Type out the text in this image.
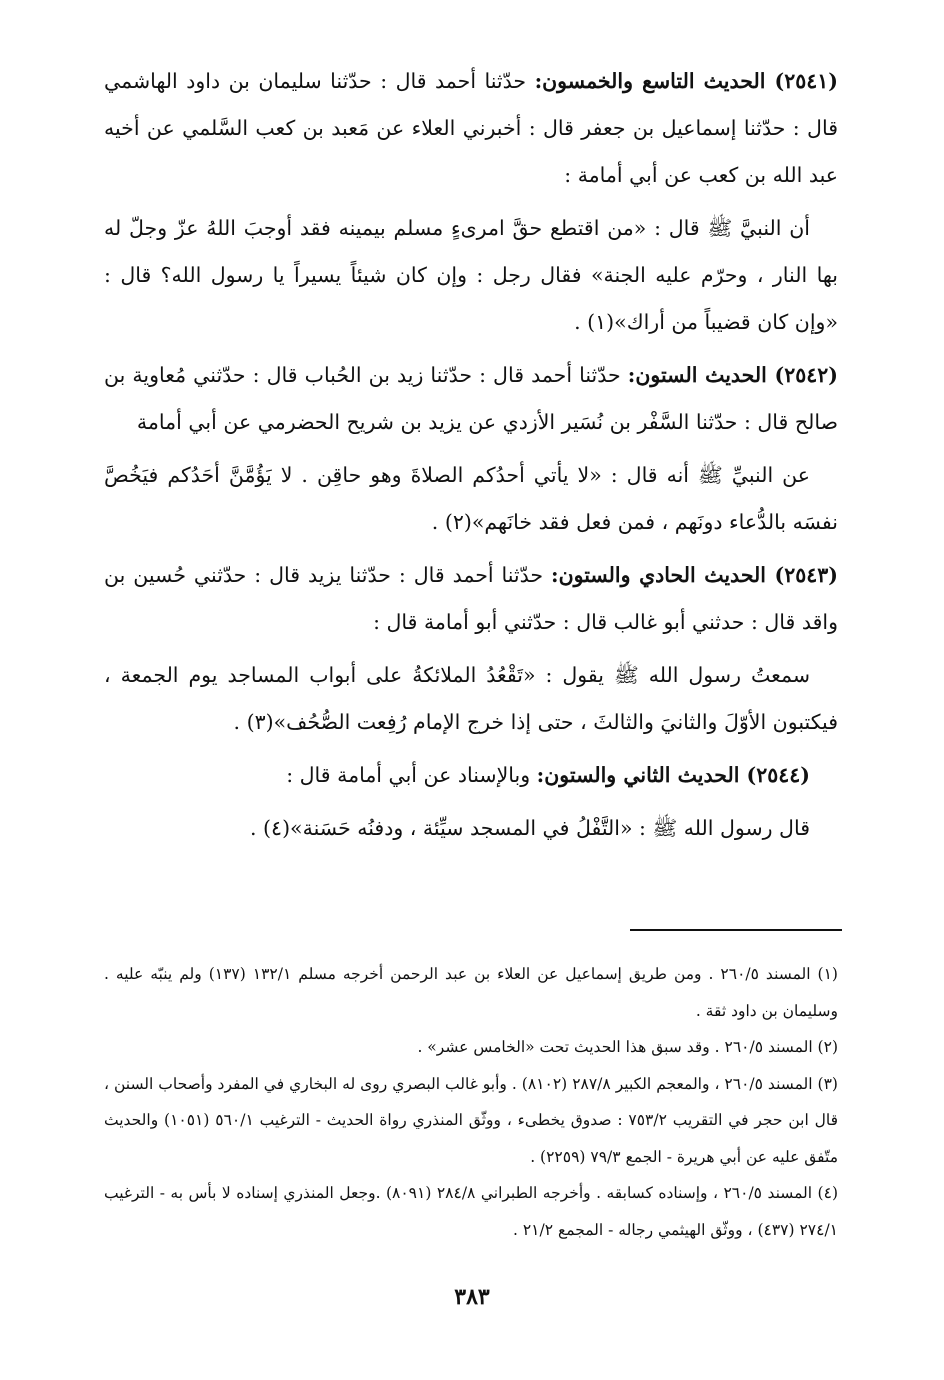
(٢٥٤١) الحديث التاسع والخمسون: حدّثنا أحمد قال : حدّثنا سليمان بن داود الهاشمي قال : حدّثنا إسماعيل بن جعفر قال : أخبرني العلاء عن مَعبد بن كعب السَّلمي عن أخيه عبد الله بن كعب عن أبي أمامة :

أن النبيَّ ﷺ قال : «من اقتطع حقَّ امرىءٍ مسلم بيمينه فقد أوجبَ اللهُ عزّ وجلّ له بها النار ، وحرّم عليه الجنة» فقال رجل : وإن كان شيئاً يسيراً يا رسول الله؟ قال : «وإن كان قضيباً من أراك»(١) .

(٢٥٤٢) الحديث الستون: حدّثنا أحمد قال : حدّثنا زيد بن الحُباب قال : حدّثني مُعاوية بن صالح قال : حدّثنا السَّفْر بن نُسَير الأزدي عن يزيد بن شريح الحضرمي عن أبي أمامة

عن النبيِّ ﷺ أنه قال : «لا يأتي أحدُكم الصلاةَ وهو حاقِن . لا يَؤُمَّنَّ أحَدُكم فيَخُصَّ نفسَه بالدُّعاء دونَهم ، فمن فعل فقد خانَهم»(٢) .

(٢٥٤٣) الحديث الحادي والستون: حدّثنا أحمد قال : حدّثنا يزيد قال : حدّثني حُسين بن واقد قال : حدثني أبو غالب قال : حدّثني أبو أمامة قال :

سمعتُ رسول الله ﷺ يقول : «تَقْعُدُ الملائكةُ على أبواب المساجد يوم الجمعة ، فيكتبون الأوّلَ والثانيَ والثالثَ ، حتى إذا خرج الإمام رُفِعت الصُّحُف»(٣) .

(٢٥٤٤) الحديث الثاني والستون: وبالإسناد عن أبي أمامة قال :

قال رسول الله ﷺ : «التَّفْلُ في المسجد سيِّئة ، ودفنُه حَسَنة»(٤) .

(١) المسند ٢٦٠/٥ . ومن طريق إسماعيل عن العلاء بن عبد الرحمن أخرجه مسلم ١٣٢/١ (١٣٧) ولم ينبّه عليه . وسليمان بن داود ثقة .

(٢) المسند ٢٦٠/٥ . وقد سبق هذا الحديث تحت «الخامس عشر» .

(٣) المسند ٢٦٠/٥ ، والمعجم الكبير ٢٨٧/٨ (٨١٠٢) . وأبو غالب البصري روى له البخاري في المفرد وأصحاب السنن ، قال ابن حجر في التقريب ٧٥٣/٢ : صدوق يخطىء ، ووثّق المنذري رواة الحديث - الترغيب ٥٦٠/١ (١٠٥١) والحديث متّفق عليه عن أبي هريرة - الجمع ٧٩/٣ (٢٢٥٩) .

(٤) المسند ٢٦٠/٥ ، وإسناده كسابقه . وأخرجه الطبراني ٢٨٤/٨ (٨٠٩١) .وجعل المنذري إسناده لا بأس به - الترغيب ٢٧٤/١ (٤٣٧) ، ووثّق الهيثمي رجاله - المجمع ٢١/٢ .

٣٨٣
